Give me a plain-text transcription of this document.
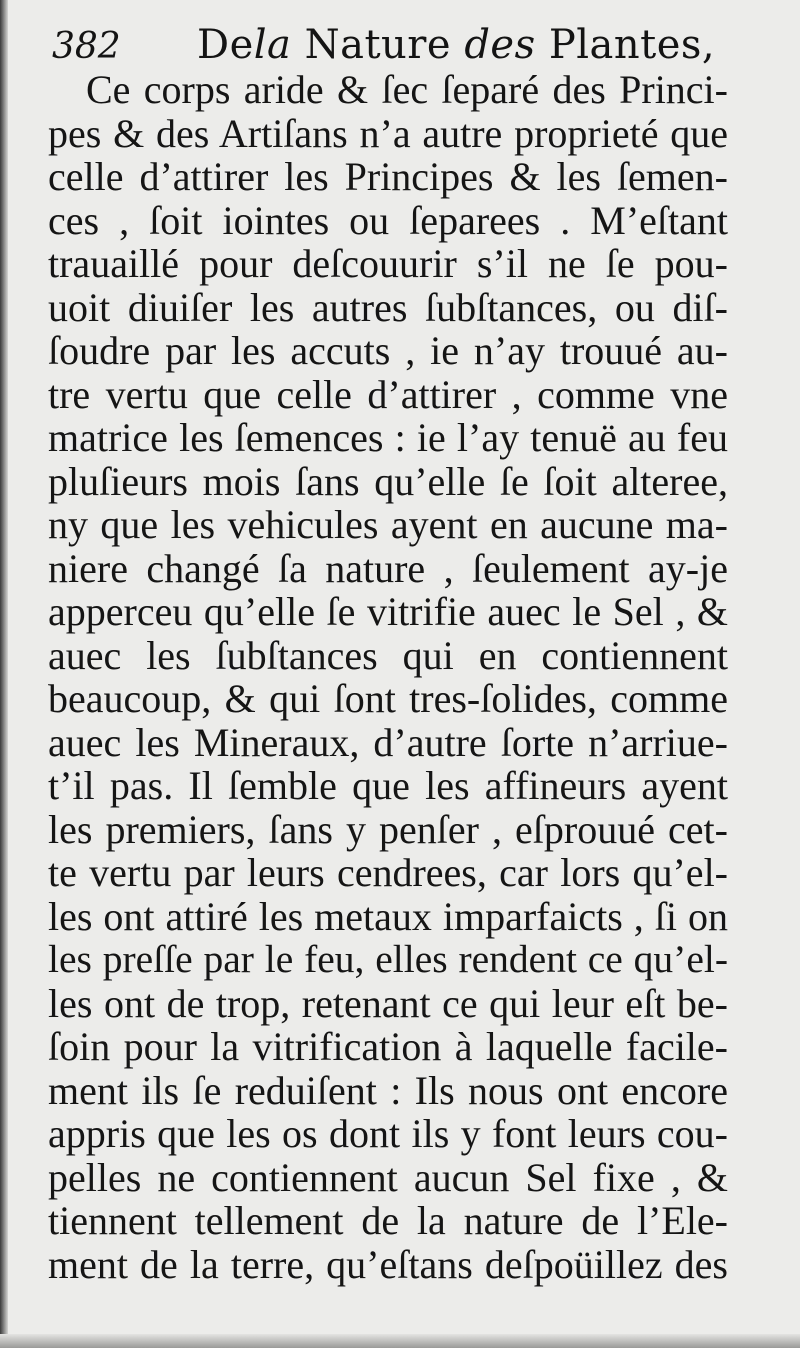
382 Dela Nature des Plantes,
Ce corps aride & ſec ſeparé des Princi-
pes & des Artiſans n’a autre proprieté que
celle d’attirer les Principes & les ſemen-
ces , ſoit iointes ou ſeparees . M’eſtant
trauaillé pour deſcouurir s’il ne ſe pou-
uoit diuiſer les autres ſubſtances, ou diſ-
ſoudre par les accuts , ie n’ay trouué au-
tre vertu que celle d’attirer , comme vne
matrice les ſemences : ie l’ay tenuë au feu
pluſieurs mois ſans qu’elle ſe ſoit alteree,
ny que les vehicules ayent en aucune ma-
niere changé ſa nature , ſeulement ay-je
apperceu qu’elle ſe vitrifie auec le Sel , &
auec les ſubſtances qui en contiennent
beaucoup, & qui ſont tres-ſolides, comme
auec les Mineraux, d’autre ſorte n’arriue-
t’il pas. Il ſemble que les affineurs ayent
les premiers, ſans y penſer , eſprouué cet-
te vertu par leurs cendrees, car lors qu’el-
les ont attiré les metaux imparfaicts , ſi on
les preſſe par le feu, elles rendent ce qu’el-
les ont de trop, retenant ce qui leur eſt be-
ſoin pour la vitrification à laquelle facile-
ment ils ſe reduiſent : Ils nous ont encore
appris que les os dont ils y font leurs cou-
pelles ne contiennent aucun Sel fixe , &
tiennent tellement de la nature de l’Ele-
ment de la terre, qu’eſtans deſpoüillez des
